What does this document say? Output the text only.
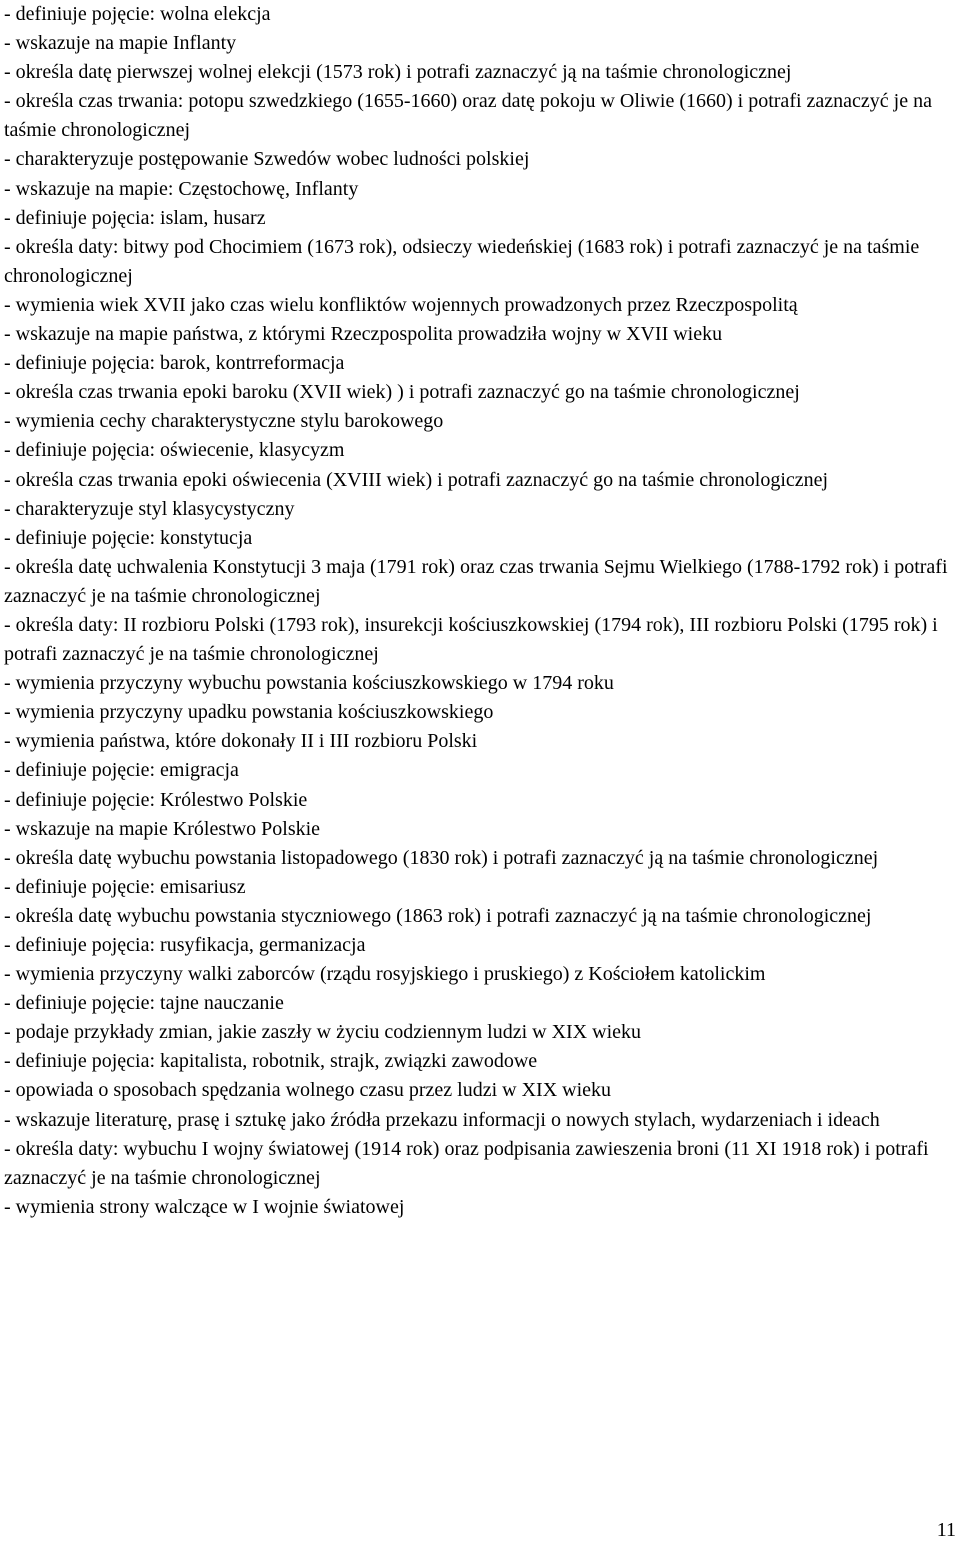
- definiuje pojęcie: wolna elekcja
- wskazuje na mapie Inflanty
- określa datę pierwszej wolnej elekcji (1573 rok) i potrafi zaznaczyć ją na taśmie chronologicznej
- określa czas trwania: potopu szwedzkiego (1655-1660) oraz datę pokoju w Oliwie (1660) i potrafi zaznaczyć je na taśmie chronologicznej
- charakteryzuje postępowanie Szwedów wobec ludności polskiej
- wskazuje na mapie: Częstochowę, Inflanty
- definiuje pojęcia: islam, husarz
- określa daty: bitwy pod Chocimiem (1673 rok), odsieczy wiedeńskiej (1683 rok) i potrafi zaznaczyć je na taśmie chronologicznej
- wymienia wiek XVII jako czas wielu konfliktów wojennych prowadzonych przez Rzeczpospolitą
- wskazuje na mapie państwa, z którymi Rzeczpospolita prowadziła wojny w XVII wieku
- definiuje pojęcia: barok, kontrreformacja
- określa czas trwania epoki baroku (XVII wiek) ) i potrafi zaznaczyć go na taśmie chronologicznej
- wymienia cechy charakterystyczne stylu barokowego
- definiuje pojęcia: oświecenie, klasycyzm
- określa czas trwania epoki oświecenia (XVIII wiek) i potrafi zaznaczyć go na taśmie chronologicznej
- charakteryzuje styl klasycystyczny
- definiuje pojęcie: konstytucja
- określa datę uchwalenia Konstytucji 3 maja (1791 rok) oraz czas trwania Sejmu Wielkiego (1788-1792 rok) i potrafi zaznaczyć je na taśmie chronologicznej
- określa daty: II rozbioru Polski (1793 rok), insurekcji kościuszkowskiej (1794 rok), III rozbioru Polski (1795 rok) i potrafi zaznaczyć je na taśmie chronologicznej
- wymienia przyczyny wybuchu powstania kościuszkowskiego w 1794 roku
- wymienia przyczyny upadku powstania kościuszkowskiego
- wymienia państwa, które dokonały II i III rozbioru Polski
- definiuje pojęcie: emigracja
- definiuje pojęcie: Królestwo Polskie
- wskazuje na mapie Królestwo Polskie
- określa datę wybuchu powstania listopadowego (1830 rok) i potrafi zaznaczyć ją na taśmie chronologicznej
- definiuje pojęcie: emisariusz
- określa datę wybuchu powstania styczniowego (1863 rok) i potrafi zaznaczyć ją na taśmie chronologicznej
- definiuje pojęcia: rusyfikacja, germanizacja
- wymienia przyczyny walki zaborców (rządu rosyjskiego i pruskiego) z Kościołem katolickim
- definiuje pojęcie: tajne nauczanie
- podaje przykłady zmian, jakie zaszły w życiu codziennym ludzi w XIX wieku
- definiuje pojęcia: kapitalista, robotnik, strajk, związki zawodowe
- opowiada o sposobach spędzania wolnego czasu przez ludzi w XIX wieku
- wskazuje literaturę, prasę i sztukę jako źródła przekazu informacji o nowych stylach, wydarzeniach i ideach
- określa daty: wybuchu I wojny światowej (1914 rok) oraz podpisania zawieszenia broni (11 XI 1918 rok) i potrafi zaznaczyć je na taśmie chronologicznej
- wymienia strony walczące w I wojnie światowej
11
